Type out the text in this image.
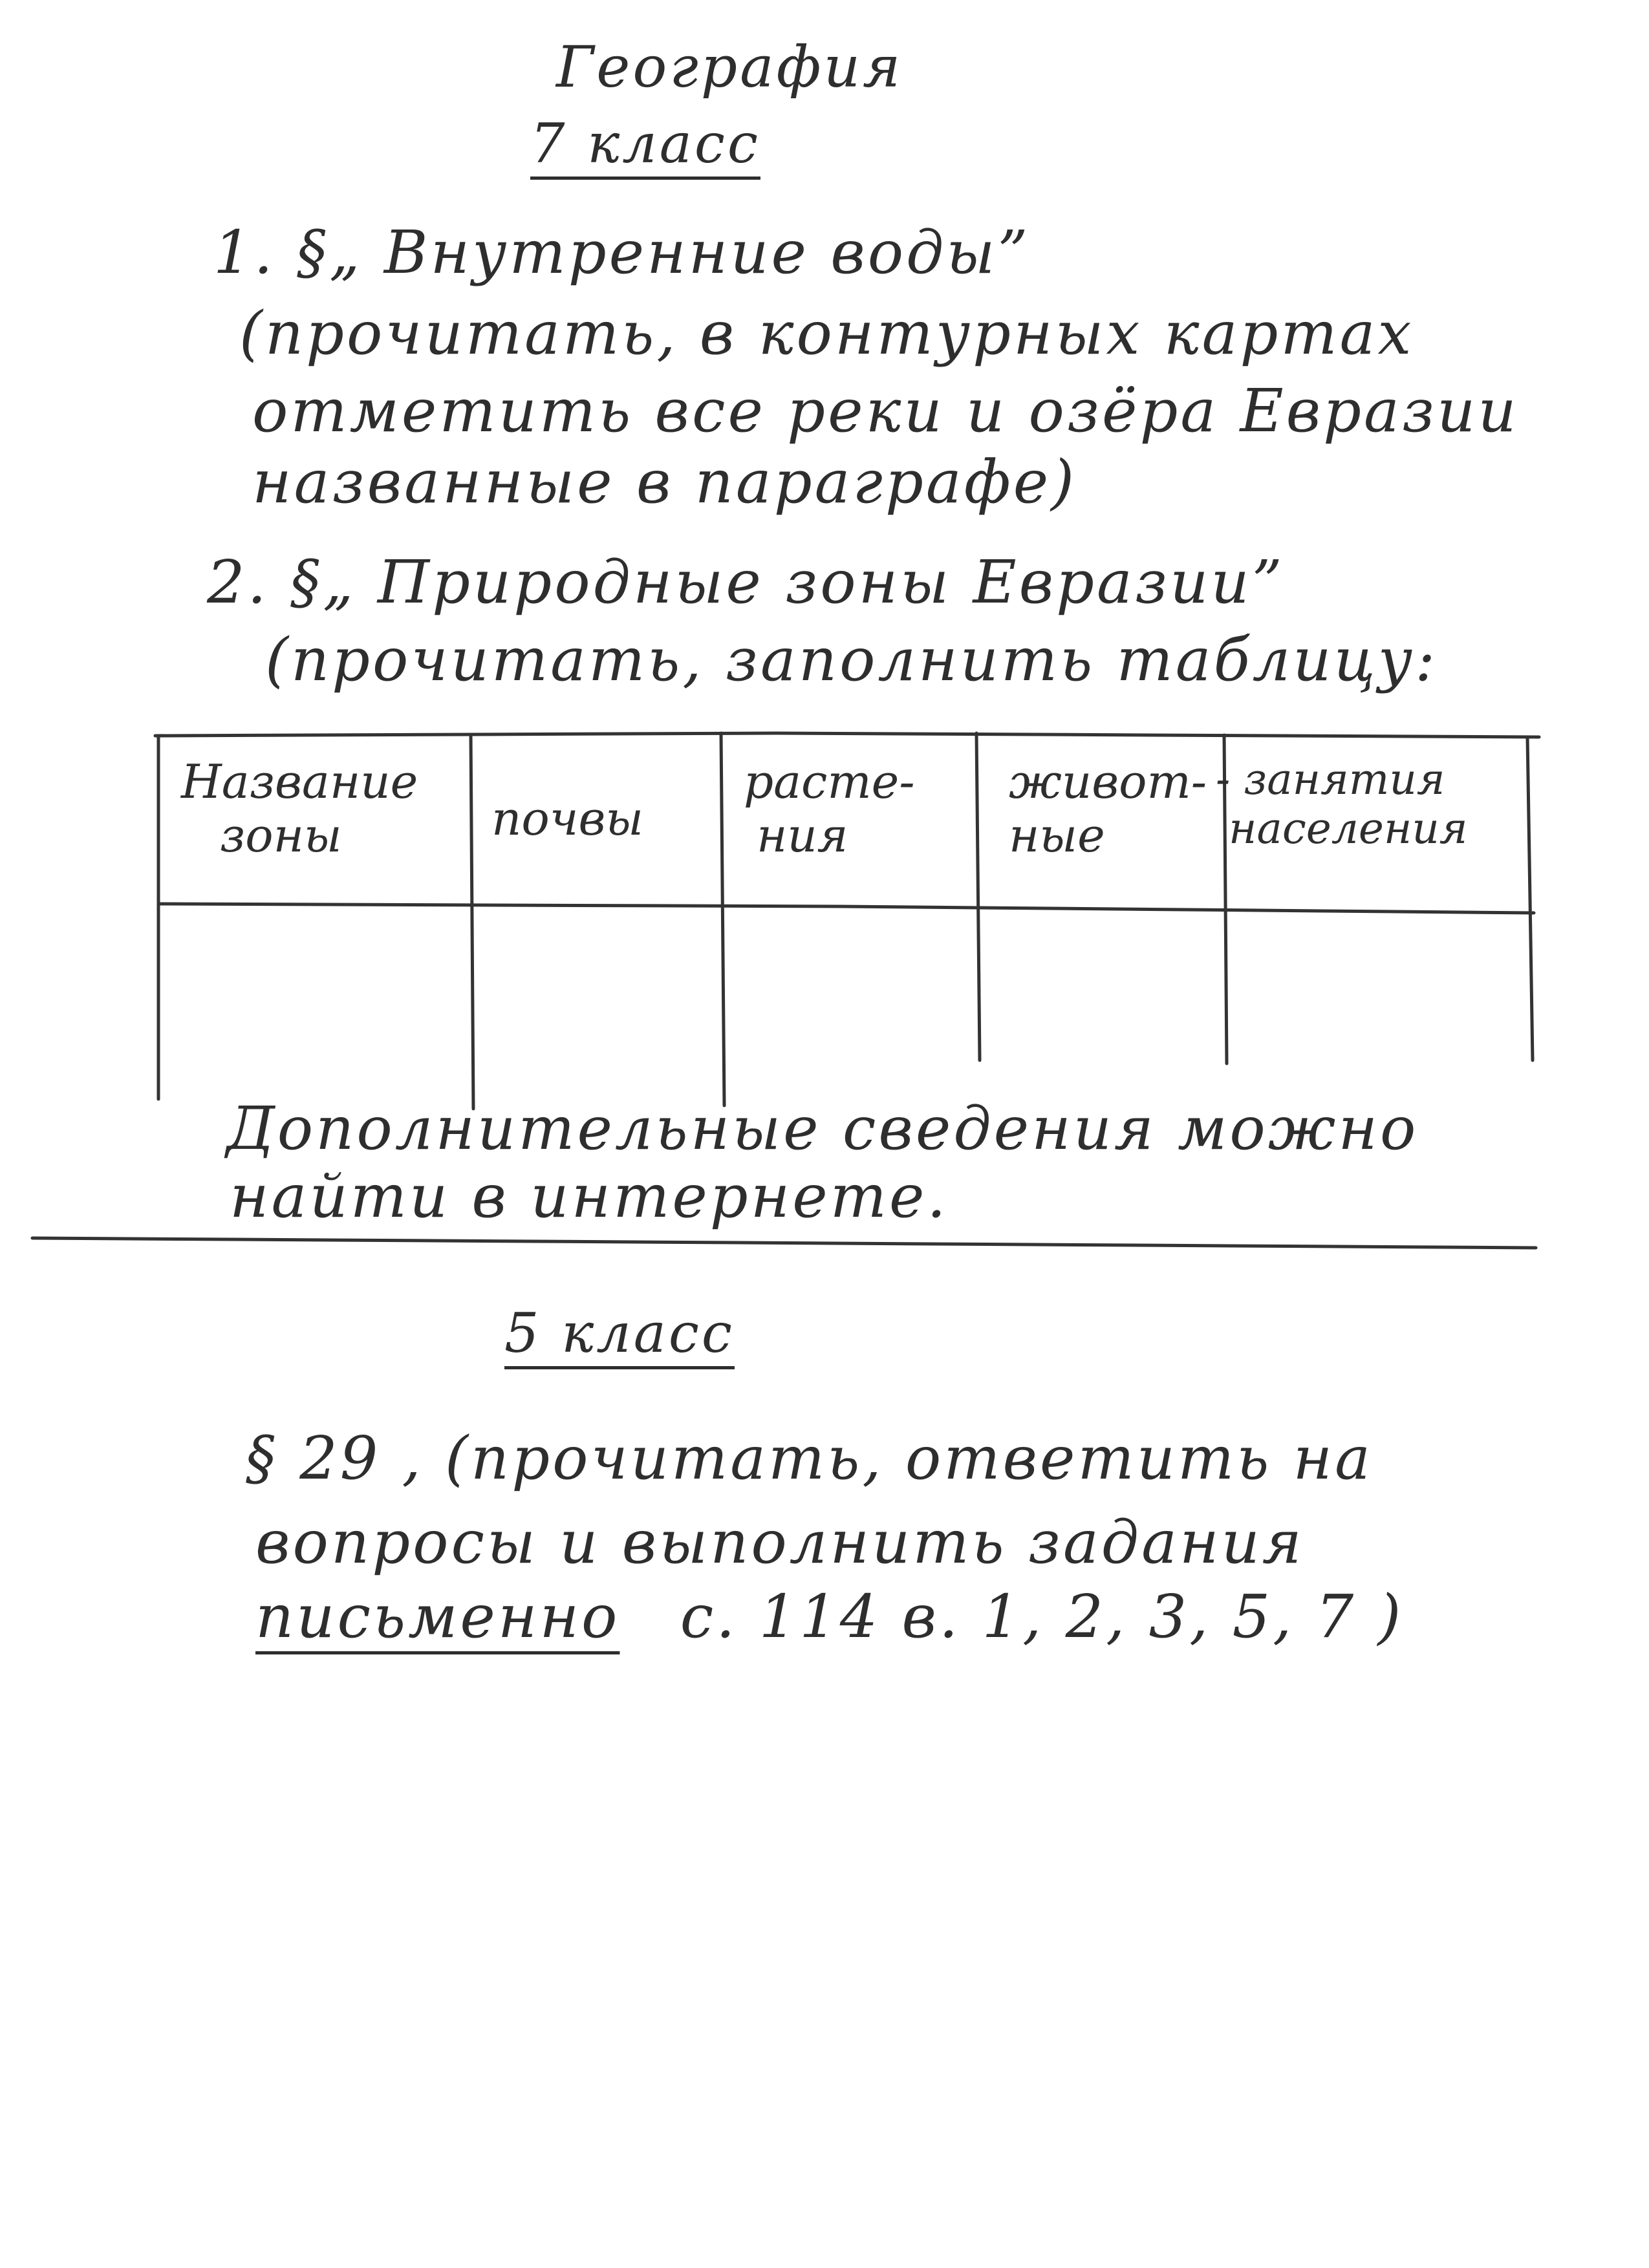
География
7 класс
1. §„ Внутренние воды”
(прочитать, в контурных картах
отметить все реки и озёра Евразии
названные в параграфе)
2. §„ Природные зоны Евразии”
(прочитать, заполнить таблицу:
Название
зоны	почвы
расте-
ния
живот-
ные
- занятия
населения
Дополнительные сведения можно
найти в интернете.
5 класс
§ 29 , (прочитать, ответить на
вопросы и выполнить задания
письменно с. 114 в. 1, 2, 3, 5, 7 )
